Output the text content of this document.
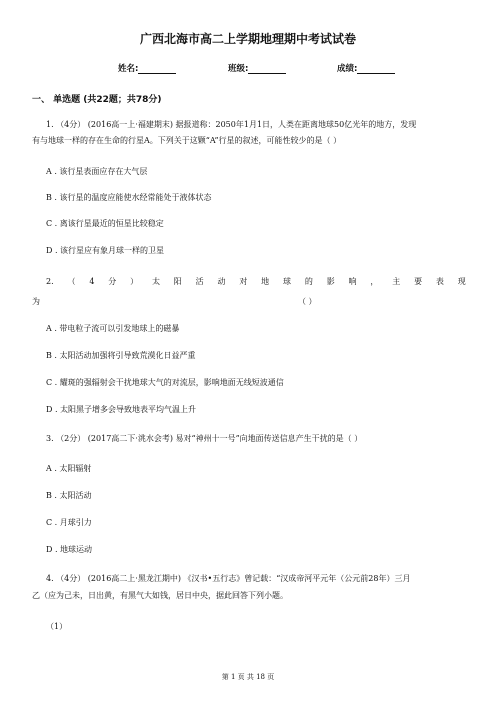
广西北海市高二上学期地理期中考试试卷
姓名:	班级:	成绩:
一、 单选题 (共22题；共78分)
1. （4分） (2016高一上·福建期末) 据报道称：2050年1月1日，人类在距离地球50亿光年的地方，发现
有与地球一样的存在生命的行星A。下列关于这颗“A”行星的叙述，可能性较少的是（ ）
A . 该行星表面应存在大气层
B . 该行星的温度应能使水经常能处于液体状态
C . 离该行星最近的恒星比较稳定
D . 该行星应有象月球一样的卫星
2. （ 4 分 ） 太 阳 活 动 对 地 球 的 影 响 ， 主 要 表 现
为	（ ）
A . 带电粒子流可以引发地球上的磁暴
B . 太阳活动加强将引导致荒漠化日益严重
C . 耀斑的强辐射会干扰地球大气的对流层，影响地面无线短波通信
D . 太阳黑子增多会导致地表平均气温上升
3. （2分） (2017高二下·洮水会考) 易对“神州十一号”向地面传送信息产生干扰的是（ ）
A . 太阳辐射
B . 太阳活动
C . 月球引力
D . 地球运动
4. （4分） (2016高二上·黑龙江期中) 《汉书•五行志》曾记载：“汉成帝河平元年（公元前28年）三月
乙（应为己未，日出黄，有黑气大如钱，居日中央，据此回答下列小题。
（1）
第 1 页 共 18 页
